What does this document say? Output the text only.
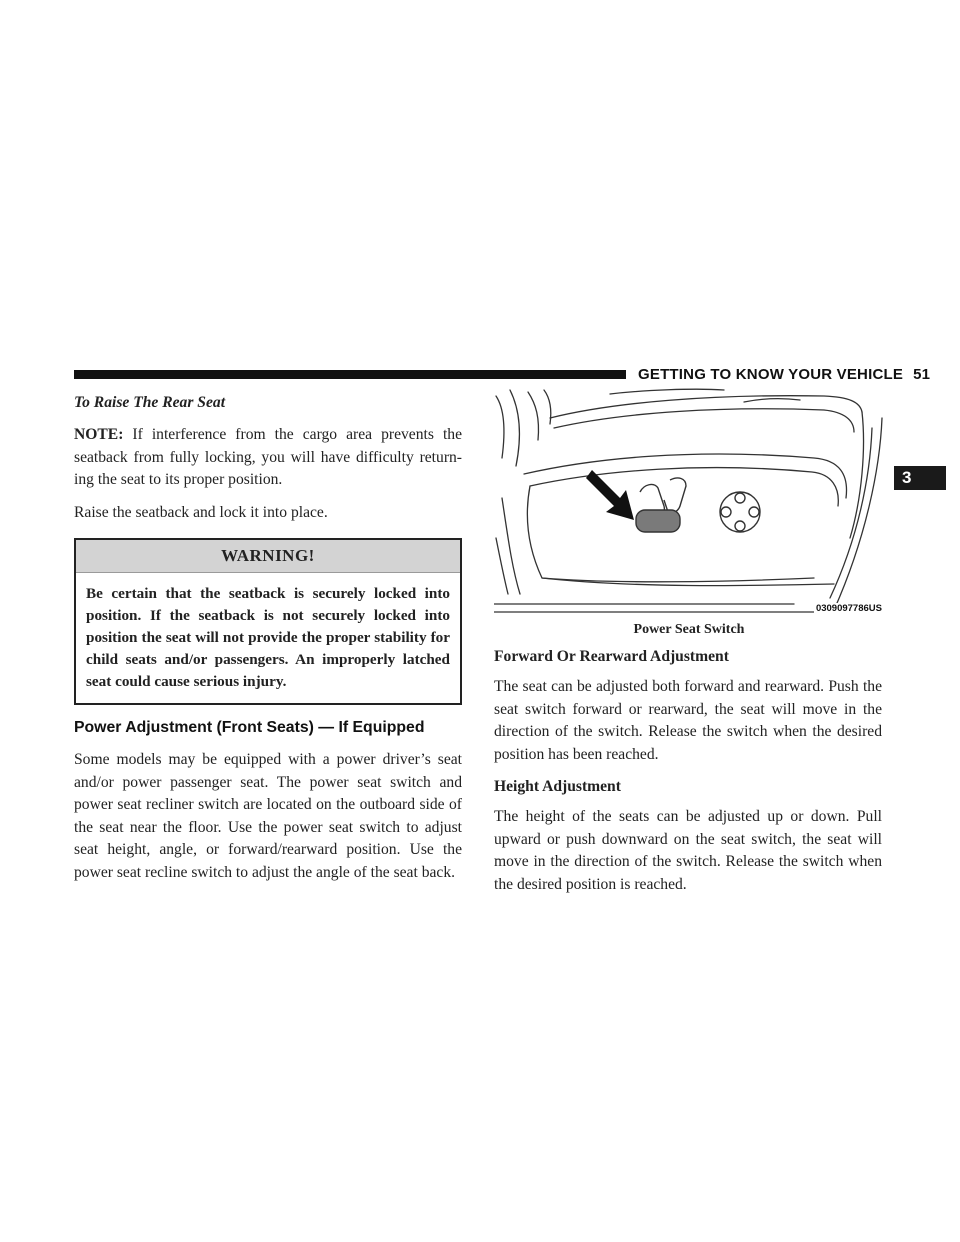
GETTING TO KNOW YOUR VEHICLE 51
3
To Raise The Rear Seat

NOTE: If interference from the cargo area prevents the seatback from fully locking, you will have difficulty return-ing the seat to its proper position.

Raise the seatback and lock it into place.

WARNING!
Be certain that the seatback is securely locked into position. If the seatback is not securely locked into position the seat will not provide the proper stability for child seats and/or passengers. An improperly latched seat could cause serious injury.
Power Adjustment (Front Seats) — If Equipped

Some models may be equipped with a power driver’s seat and/or power passenger seat. The power seat switch and power seat recliner switch are located on the outboard side of the seat near the floor. Use the power seat switch to adjust seat height, angle, or forward/rearward position. Use the power seat recline switch to adjust the angle of the seat back.

0309097786US
Power Seat Switch
Forward Or Rearward Adjustment

The seat can be adjusted both forward and rearward. Push the seat switch forward or rearward, the seat will move in the direction of the switch. Release the switch when the desired position has been reached.

Height Adjustment

The height of the seats can be adjusted up or down. Pull upward or push downward on the seat switch, the seat will move in the direction of the switch. Release the switch when the desired position is reached.
